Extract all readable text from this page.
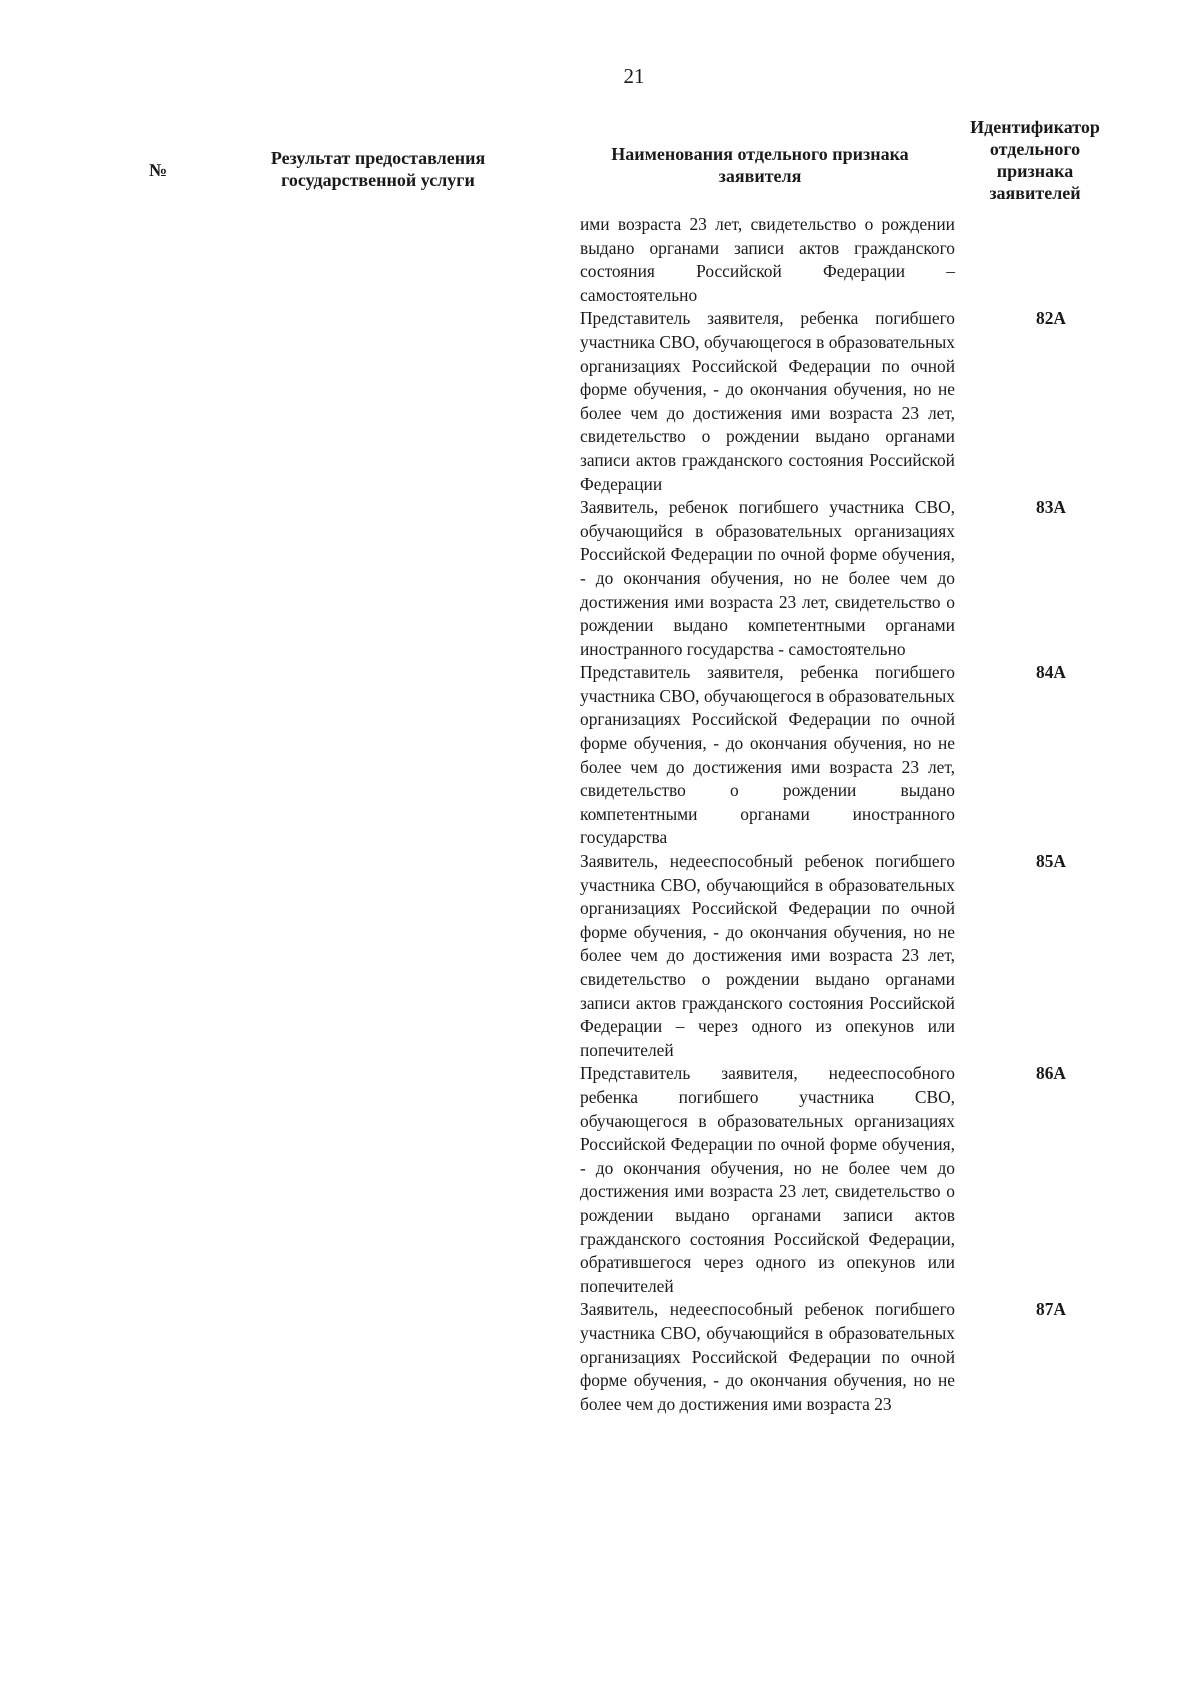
21
№
Результат предоставления государственной услуги
Наименования отдельного признака заявителя
Идентификатор отдельного признака заявителей
ими возраста 23 лет, свидетельство о рождении выдано органами записи актов гражданского состояния Российской Федерации – самостоятельно
Представитель заявителя, ребенка погибшего участника СВО, обучающегося в образовательных организациях Российской Федерации по очной форме обучения, - до окончания обучения, но не более чем до достижения ими возраста 23 лет, свидетельство о рождении выдано органами записи актов гражданского состояния Российской Федерации
82А
Заявитель, ребенок погибшего участника СВО, обучающийся в образовательных организациях Российской Федерации по очной форме обучения, - до окончания обучения, но не более чем до достижения ими возраста 23 лет, свидетельство о рождении выдано компетентными органами иностранного государства - самостоятельно
83А
Представитель заявителя, ребенка погибшего участника СВО, обучающегося в образовательных организациях Российской Федерации по очной форме обучения, - до окончания обучения, но не более чем до достижения ими возраста 23 лет, свидетельство о рождении выдано компетентными органами иностранного государства
84А
Заявитель, недееспособный ребенок погибшего участника СВО, обучающийся в образовательных организациях Российской Федерации по очной форме обучения, - до окончания обучения, но не более чем до достижения ими возраста 23 лет, свидетельство о рождении выдано органами записи актов гражданского состояния Российской Федерации – через одного из опекунов или попечителей
85А
Представитель заявителя, недееспособного ребенка погибшего участника СВО, обучающегося в образовательных организациях Российской Федерации по очной форме обучения, - до окончания обучения, но не более чем до достижения ими возраста 23 лет, свидетельство о рождении выдано органами записи актов гражданского состояния Российской Федерации, обратившегося через одного из опекунов или попечителей
86А
Заявитель, недееспособный ребенок погибшего участника СВО, обучающийся в образовательных организациях Российской Федерации по очной форме обучения, - до окончания обучения, но не более чем до достижения ими возраста 23
87А
